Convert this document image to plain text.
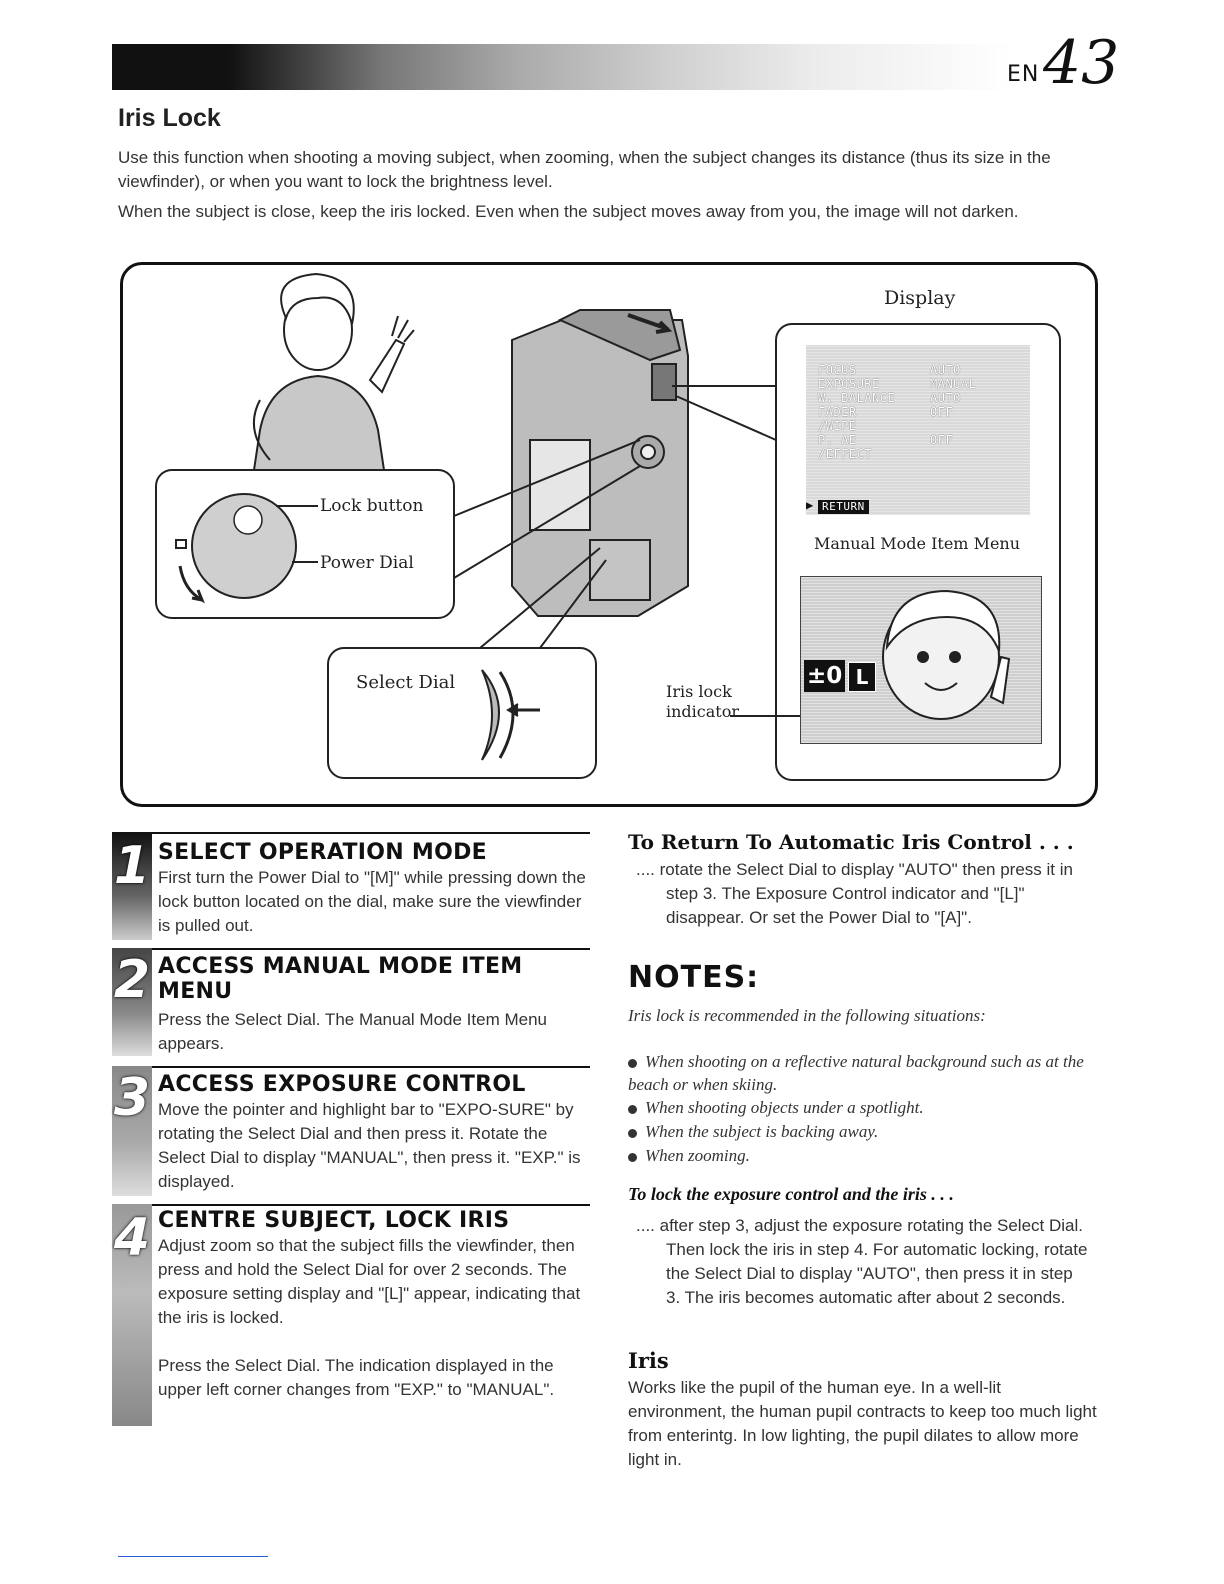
EN 43
Iris Lock
Use this function when shooting a moving subject, when zooming, when the subject changes its distance (thus its size in the viewfinder), or when you want to lock the brightness level.
When the subject is close, keep the iris locked. Even when the subject moves away from you, the image will not darken.
Lock button
Power Dial
Select Dial
Display
Iris lock
indicator
Manual Mode Item Menu
FOCUS	AUTO
EXPOSURE	MANUAL
W. BALANCE	AUTO
FADER	OFF
/WIPE
P. AE	OFF
/EFFECT
▶ RETURN
±0 L
1 SELECT OPERATION MODE
First turn the Power Dial to "[M]" while pressing down the lock button located on the dial, make sure the viewfinder is pulled out.
2 ACCESS MANUAL MODE ITEM MENU
Press the Select Dial. The Manual Mode Item Menu appears.
3 ACCESS EXPOSURE CONTROL
Move the pointer and highlight bar to "EXPO-SURE" by rotating the Select Dial and then press it. Rotate the Select Dial to display "MANUAL", then press it. "EXP." is displayed.
4 CENTRE SUBJECT, LOCK IRIS
Adjust zoom so that the subject fills the viewfinder, then press and hold the Select Dial for over 2 seconds. The exposure setting display and "[L]" appear, indicating that the iris is locked.
Press the Select Dial. The indication displayed in the upper left corner changes from "EXP." to "MANUAL".
To Return To Automatic Iris Control . . .
.... rotate the Select Dial to display "AUTO" then press it in step 3. The Exposure Control indicator and "[L]" disappear. Or set the Power Dial to "[A]".
NOTES:
Iris lock is recommended in the following situations:
When shooting on a reflective natural background such as at the beach or when skiing.
When shooting objects under a spotlight.
When the subject is backing away.
When zooming.
To lock the exposure control and the iris . . .
.... after step 3, adjust the exposure rotating the Select Dial. Then lock the iris in step 4. For automatic locking, rotate the Select Dial to display "AUTO", then press it in step 3. The iris becomes automatic after about 2 seconds.
Iris
Works like the pupil of the human eye. In a well-lit environment, the human pupil contracts to keep too much light from enterintg. In low lighting, the pupil dilates to allow more light in.
